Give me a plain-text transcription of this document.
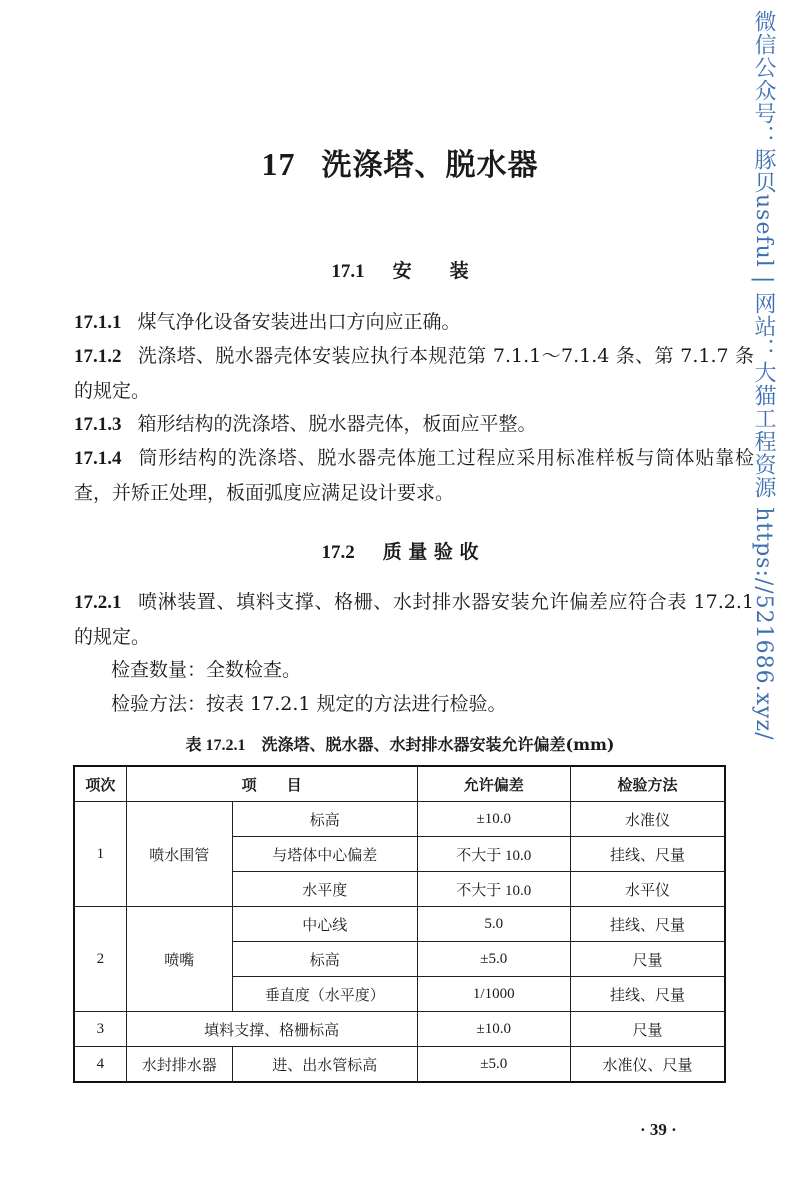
微信公众号：豚贝useful | 网站：大猫工程资源 https://521686.xyz/
17 洗涤塔、脱水器
17.1 安　　装
17.1.1 煤气净化设备安装进出口方向应正确。
17.1.2 洗涤塔、脱水器壳体安装应执行本规范第 7.1.1～7.1.4 条、第 7.1.7 条的规定。
17.1.3 箱形结构的洗涤塔、脱水器壳体，板面应平整。
17.1.4 筒形结构的洗涤塔、脱水器壳体施工过程应采用标准样板与筒体贴靠检查，并矫正处理，板面弧度应满足设计要求。
17.2 质 量 验 收
17.2.1 喷淋装置、填料支撑、格栅、水封排水器安装允许偏差应符合表 17.2.1 的规定。
检查数量：全数检查。
检验方法：按表 17.2.1 规定的方法进行检验。
表 17.2.1 洗涤塔、脱水器、水封排水器安装允许偏差(mm)
项次	项　　目		允许偏差	检验方法
1	喷水围管	标高	±10.0	水准仪
		与塔体中心偏差	不大于 10.0	挂线、尺量
		水平度	不大于 10.0	水平仪
2	喷嘴	中心线	5.0	挂线、尺量
		标高	±5.0	尺量
		垂直度（水平度）	1/1000	挂线、尺量
3	填料支撑、格栅标高		±10.0	尺量
4	水封排水器	进、出水管标高	±5.0	水准仪、尺量
· 39 ·
